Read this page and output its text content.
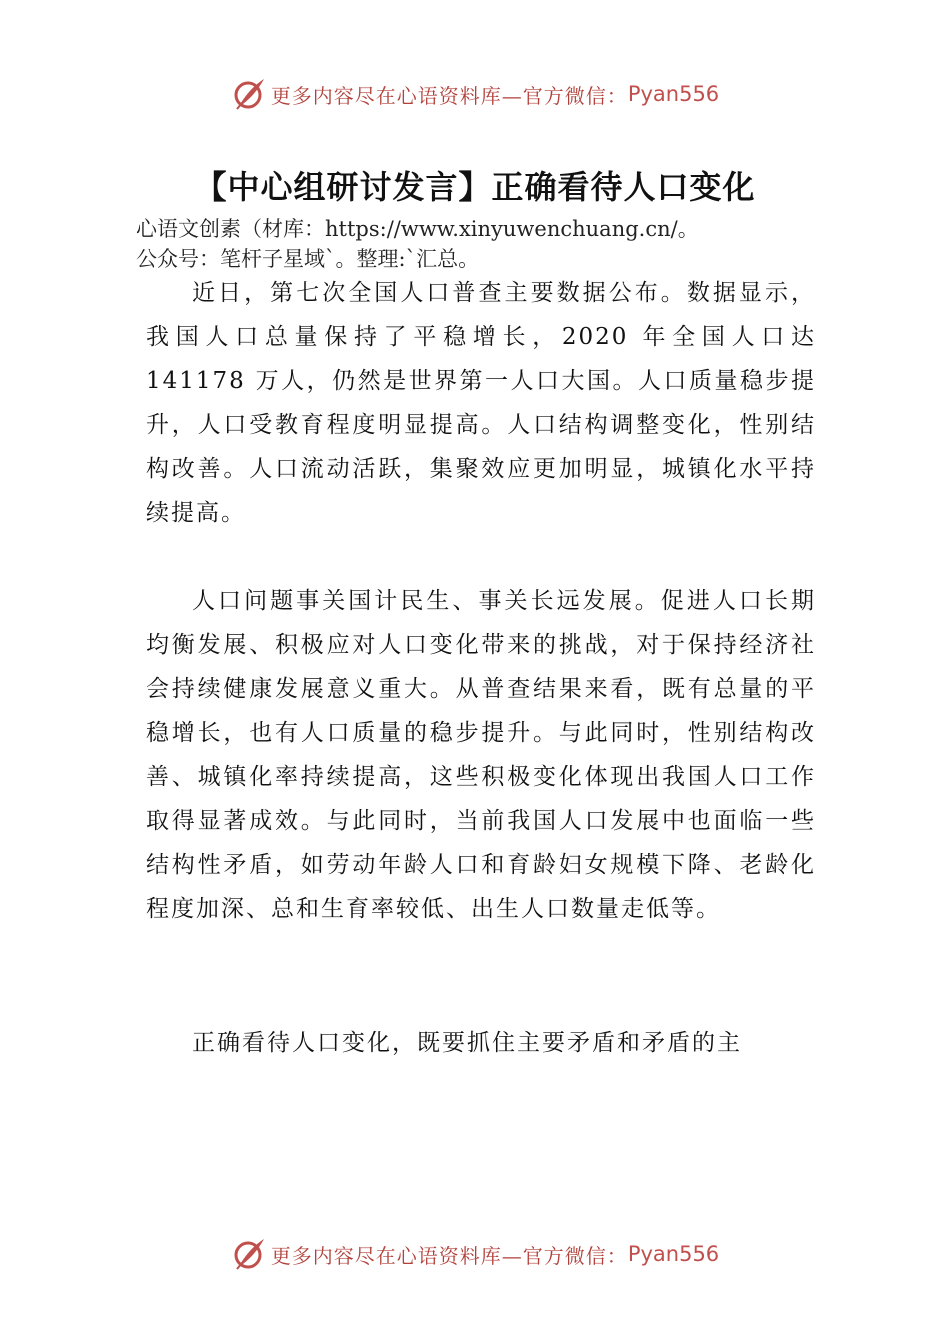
更多内容尽在心语资料库—官方微信： Pyan556
【中心组研讨发言】正确看待人口变化
心语文创素（材库：https://www.xinyuwenchuang.cn/。
公众号：笔杆子星域`。整理:`汇总。

近日，第七次全国人口普查主要数据公布。数据显示，我国人口总量保持了平稳增长，2020 年全国人口达141178 万人，仍然是世界第一人口大国。人口质量稳步提升，人口受教育程度明显提高。人口结构调整变化，性别结构改善。人口流动活跃，集聚效应更加明显，城镇化水平持续提高。

人口问题事关国计民生、事关长远发展。促进人口长期均衡发展、积极应对人口变化带来的挑战，对于保持经济社会持续健康发展意义重大。从普查结果来看，既有总量的平稳增长，也有人口质量的稳步提升。与此同时，性别结构改善、城镇化率持续提高，这些积极变化体现出我国人口工作取得显著成效。与此同时，当前我国人口发展中也面临一些结构性矛盾，如劳动年龄人口和育龄妇女规模下降、老龄化程度加深、总和生育率较低、出生人口数量走低等。

正确看待人口变化，既要抓住主要矛盾和矛盾的主

更多内容尽在心语资料库—官方微信： Pyan556
